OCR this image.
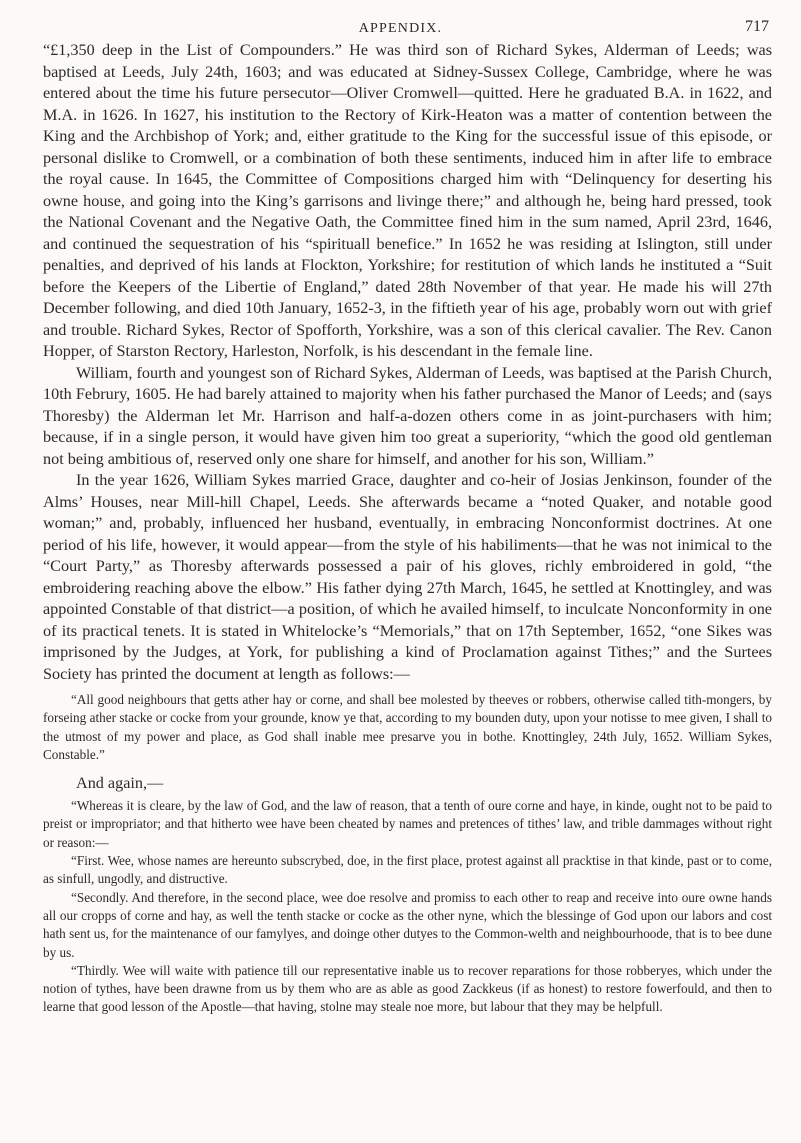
APPENDIX.	717

“£1,350 deep in the List of Compounders.” He was third son of Richard Sykes, Alderman of Leeds; was baptised at Leeds, July 24th, 1603; and was educated at Sidney-Sussex College, Cambridge, where he was entered about the time his future persecutor—Oliver Cromwell—quitted. Here he graduated B.A. in 1622, and M.A. in 1626. In 1627, his institution to the Rectory of Kirk-Heaton was a matter of contention between the King and the Archbishop of York; and, either gratitude to the King for the successful issue of this episode, or personal dislike to Cromwell, or a combination of both these sentiments, induced him in after life to embrace the royal cause. In 1645, the Committee of Compositions charged him with “Delinquency for deserting his owne house, and going into the King’s garrisons and livinge there;” and although he, being hard pressed, took the National Covenant and the Negative Oath, the Committee fined him in the sum named, April 23rd, 1646, and continued the sequestration of his “spirituall benefice.” In 1652 he was residing at Islington, still under penalties, and deprived of his lands at Flockton, Yorkshire; for restitution of which lands he instituted a “Suit before the Keepers of the Libertie of England,” dated 28th November of that year. He made his will 27th December following, and died 10th January, 1652-3, in the fiftieth year of his age, probably worn out with grief and trouble. Richard Sykes, Rector of Spofforth, Yorkshire, was a son of this clerical cavalier. The Rev. Canon Hopper, of Starston Rectory, Harleston, Norfolk, is his descendant in the female line.

William, fourth and youngest son of Richard Sykes, Alderman of Leeds, was baptised at the Parish Church, 10th Februry, 1605. He had barely attained to majority when his father purchased the Manor of Leeds; and (says Thoresby) the Alderman let Mr. Harrison and half-a-dozen others come in as joint-purchasers with him; because, if in a single person, it would have given him too great a superiority, “which the good old gentleman not being ambitious of, reserved only one share for himself, and another for his son, William.”

In the year 1626, William Sykes married Grace, daughter and co-heir of Josias Jenkinson, founder of the Alms’ Houses, near Mill-hill Chapel, Leeds. She afterwards became a “noted Quaker, and notable good woman;” and, probably, influenced her husband, eventually, in embracing Nonconformist doctrines. At one period of his life, however, it would appear—from the style of his habiliments—that he was not inimical to the “Court Party,” as Thoresby afterwards possessed a pair of his gloves, richly embroidered in gold, “the embroidering reaching above the elbow.” His father dying 27th March, 1645, he settled at Knottingley, and was appointed Constable of that district—a position, of which he availed himself, to inculcate Nonconformity in one of its practical tenets. It is stated in Whitelocke’s “Memorials,” that on 17th September, 1652, “one Sikes was imprisoned by the Judges, at York, for publishing a kind of Proclamation against Tithes;” and the Surtees Society has printed the document at length as follows:—

“All good neighbours that getts ather hay or corne, and shall bee molested by theeves or robbers, otherwise called tith-mongers, by forseing ather stacke or cocke from your grounde, know ye that, according to my bounden duty, upon your notisse to mee given, I shall to the utmost of my power and place, as God shall inable mee presarve you in bothe. Knottingley, 24th July, 1652. William Sykes, Constable.”

And again,—

“Whereas it is cleare, by the law of God, and the law of reason, that a tenth of oure corne and haye, in kinde, ought not to be paid to preist or impropriator; and that hitherto wee have been cheated by names and pretences of tithes’ law, and trible dammages without right or reason:—

“First. Wee, whose names are hereunto subscrybed, doe, in the first place, protest against all pracktise in that kinde, past or to come, as sinfull, ungodly, and distructive.

“Secondly. And therefore, in the second place, wee doe resolve and promiss to each other to reap and receive into oure owne hands all our cropps of corne and hay, as well the tenth stacke or cocke as the other nyne, which the blessinge of God upon our labors and cost hath sent us, for the maintenance of our famylyes, and doinge other dutyes to the Common-welth and neighbourhoode, that is to bee dune by us.

“Thirdly. Wee will waite with patience till our representative inable us to recover reparations for those robberyes, which under the notion of tythes, have been drawne from us by them who are as able as good Zackkeus (if as honest) to restore fowerfould, and then to learne that good lesson of the Apostle—that having, stolne may steale noe more, but labour that they may be helpfull.
